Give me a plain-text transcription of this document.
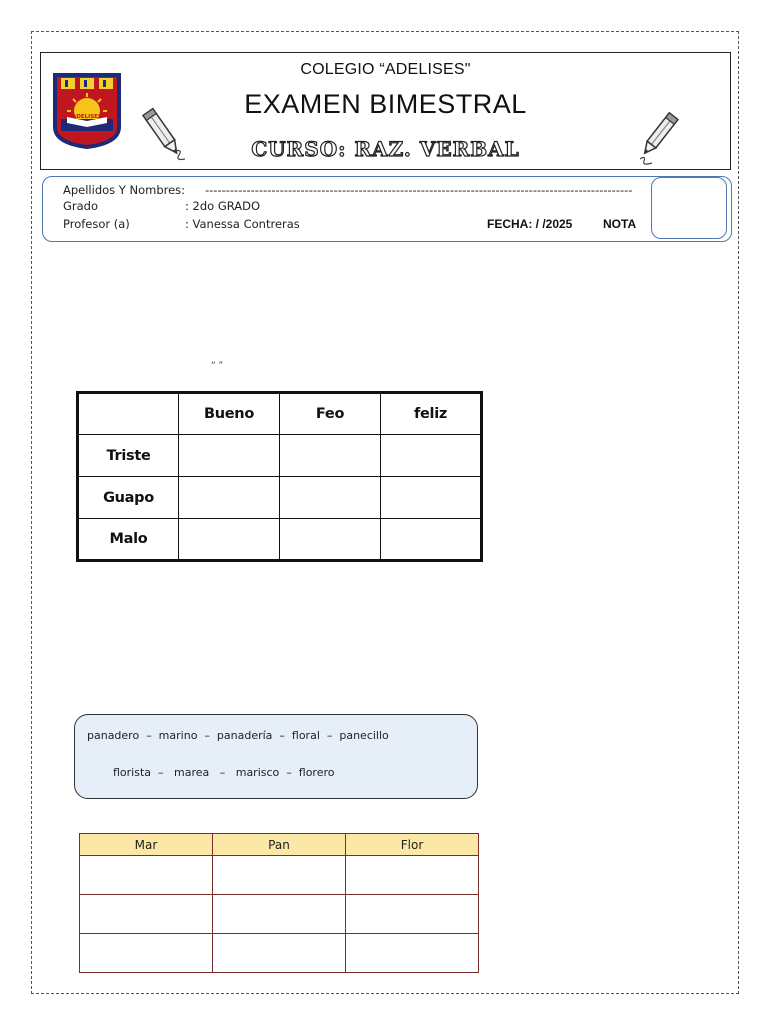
ADELISES
COLEGIO “ADELISES"
EXAMEN BIMESTRAL
CURSO: RAZ. VERBAL
Apellidos Y Nombres: -------------------------------------------------------------------------------------------------------
Grado	: 2do GRADO
Profesor (a)	: Vanessa Contreras	FECHA: / /2025	NOTA
“ ”
	Bueno	Feo	feliz
Triste			
Guapo			
Malo			
panadero  –  marino  –  panadería  –  floral  –  panecillo
florista  –   marea   –   marisco  –  florero
Mar	Pan	Flor
